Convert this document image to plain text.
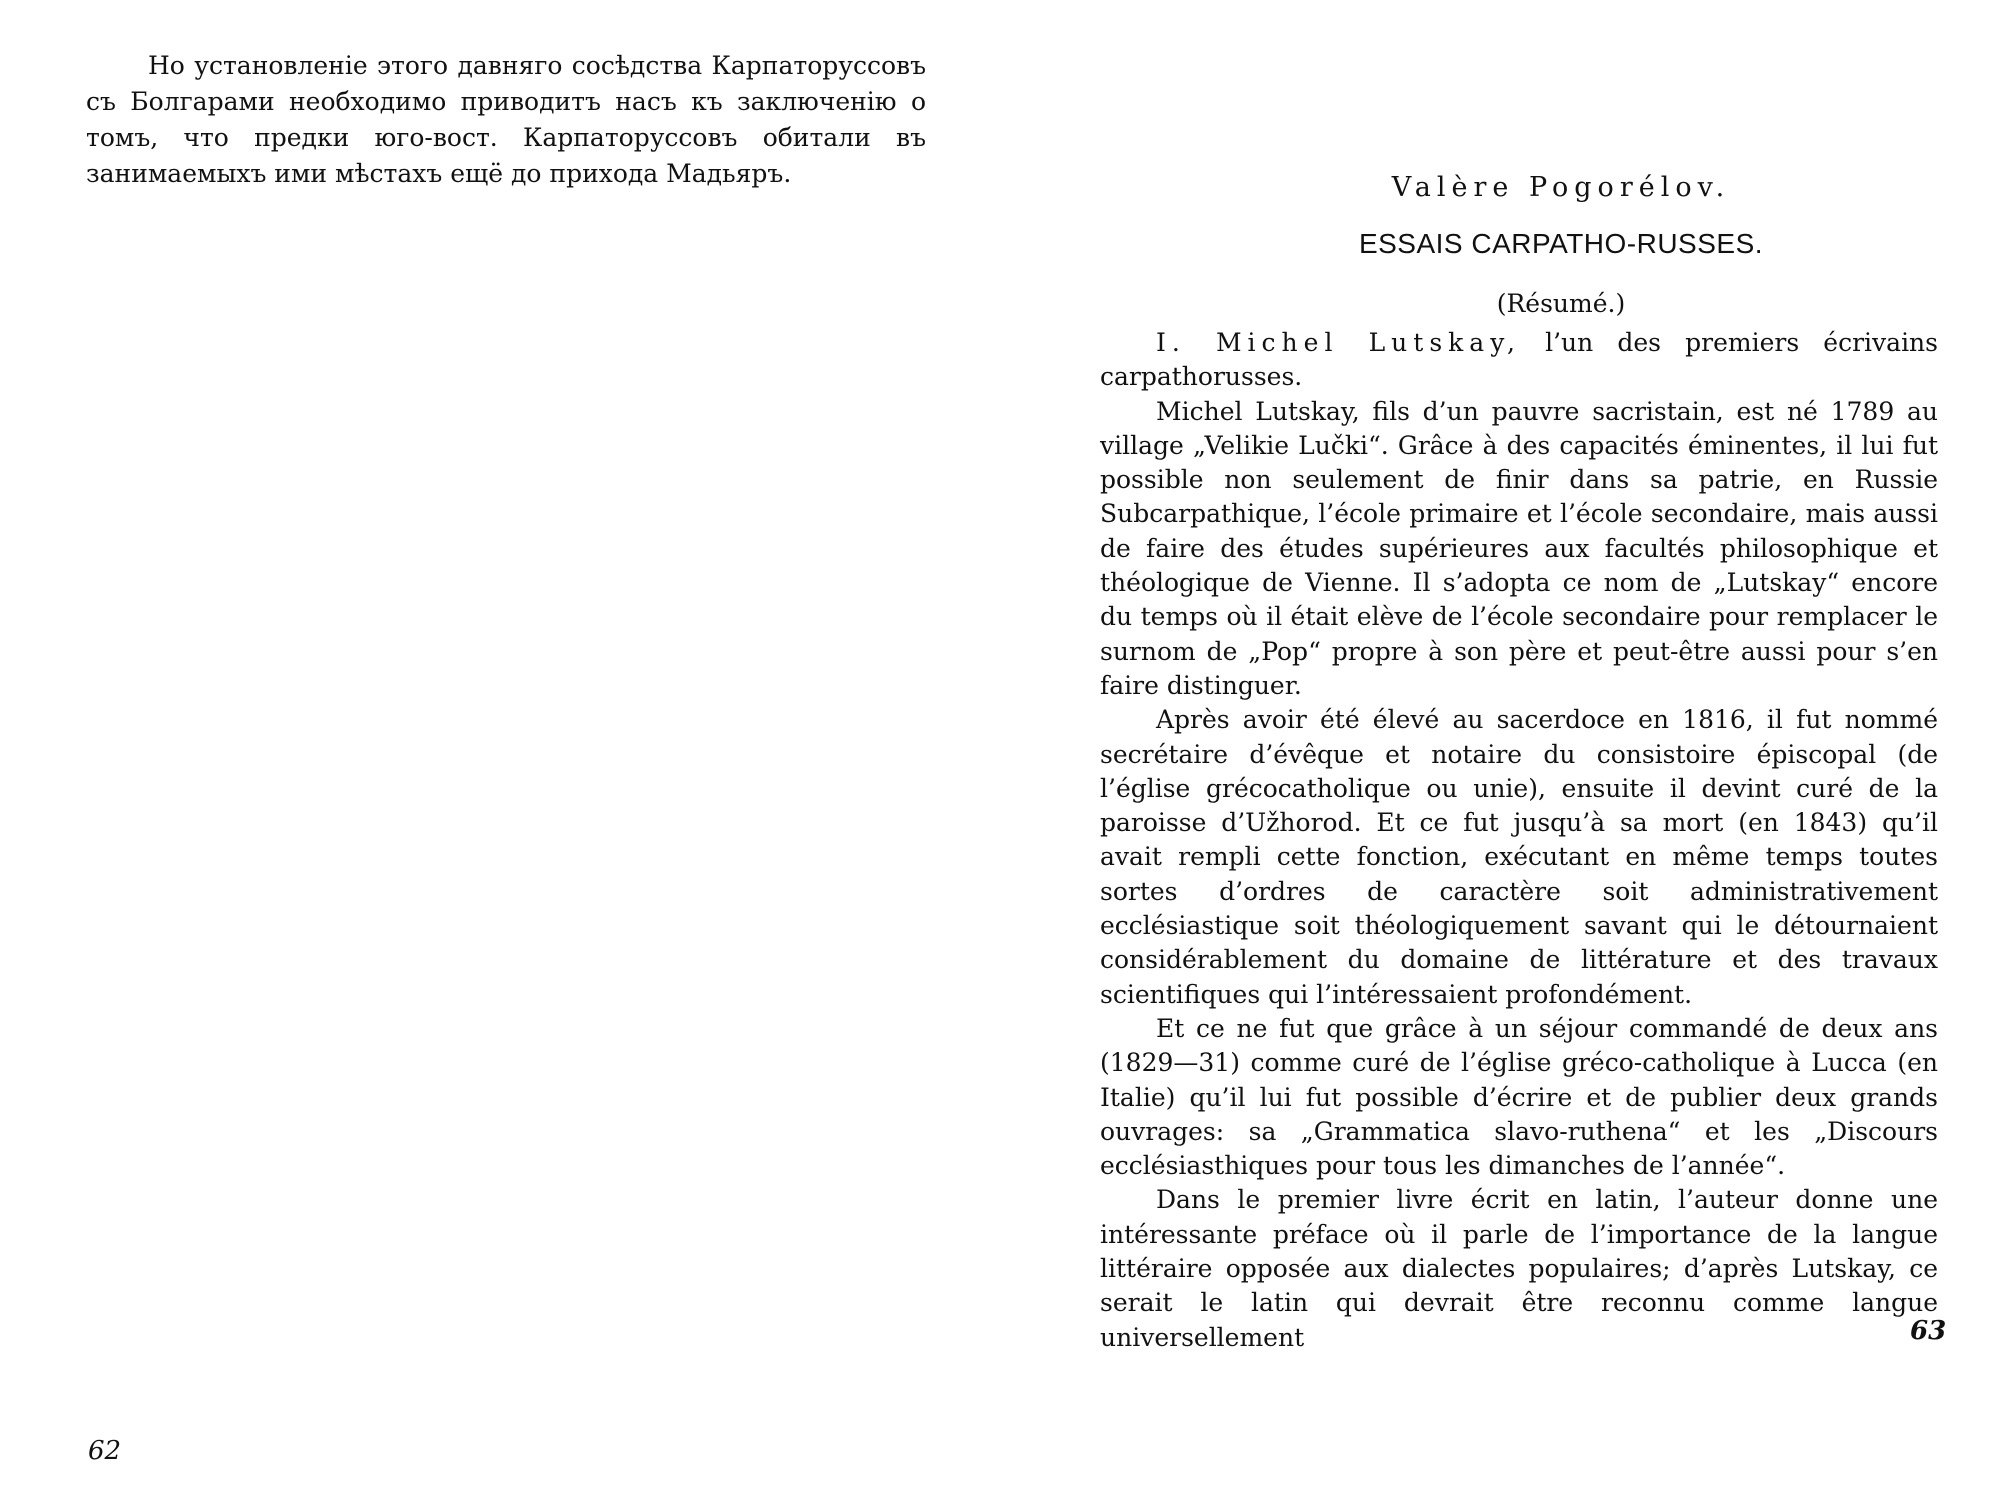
Но установленіе этого давняго сосѣдства Карпаторуссовъ съ Болгарами необходимо приводитъ насъ къ заключенію о томъ, что предки юго-вост. Карпаторуссовъ обитали въ занимаемыхъ ими мѣстахъ ещё до прихода Мадьяръ.

62

Valère Pogorélov.

ESSAIS CARPATHO-RUSSES.

(Résumé.)

I. Michel Lutskay, l’un des premiers écrivains carpathorusses.

Michel Lutskay, fils d’un pauvre sacristain, est né 1789 au village „Velikie Lučki“. Grâce à des capacités éminentes, il lui fut possible non seulement de finir dans sa patrie, en Russie Subcarpathique, l’école primaire et l’école secondaire, mais aussi de faire des études supérieures aux facultés philosophique et théologique de Vienne. Il s’adopta ce nom de „Lutskay“ encore du temps où il était elève de l’école secondaire pour remplacer le surnom de „Pop“ propre à son père et peut-être aussi pour s’en faire distinguer.

Après avoir été élevé au sacerdoce en 1816, il fut nommé secrétaire d’évêque et notaire du consistoire épiscopal (de l’église grécocatholique ou unie), ensuite il devint curé de la paroisse d’Užhorod. Et ce fut jusqu’à sa mort (en 1843) qu’il avait rempli cette fonction, exécutant en même temps toutes sortes d’ordres de caractère soit administrativement ecclésiastique soit théologiquement savant qui le détournaient considérablement du domaine de littérature et des travaux scientifiques qui l’intéressaient profondément.

Et ce ne fut que grâce à un séjour commandé de deux ans (1829—31) comme curé de l’église gréco-catholique à Lucca (en Italie) qu’il lui fut possible d’écrire et de publier deux grands ouvrages: sa „Grammatica slavo-ruthena“ et les „Discours ecclésiasthiques pour tous les dimanches de l’année“.

Dans le premier livre écrit en latin, l’auteur donne une intéressante préface où il parle de l’importance de la langue littéraire opposée aux dialectes populaires; d’après Lutskay, ce serait le latin qui devrait être reconnu comme langue universellement	63
